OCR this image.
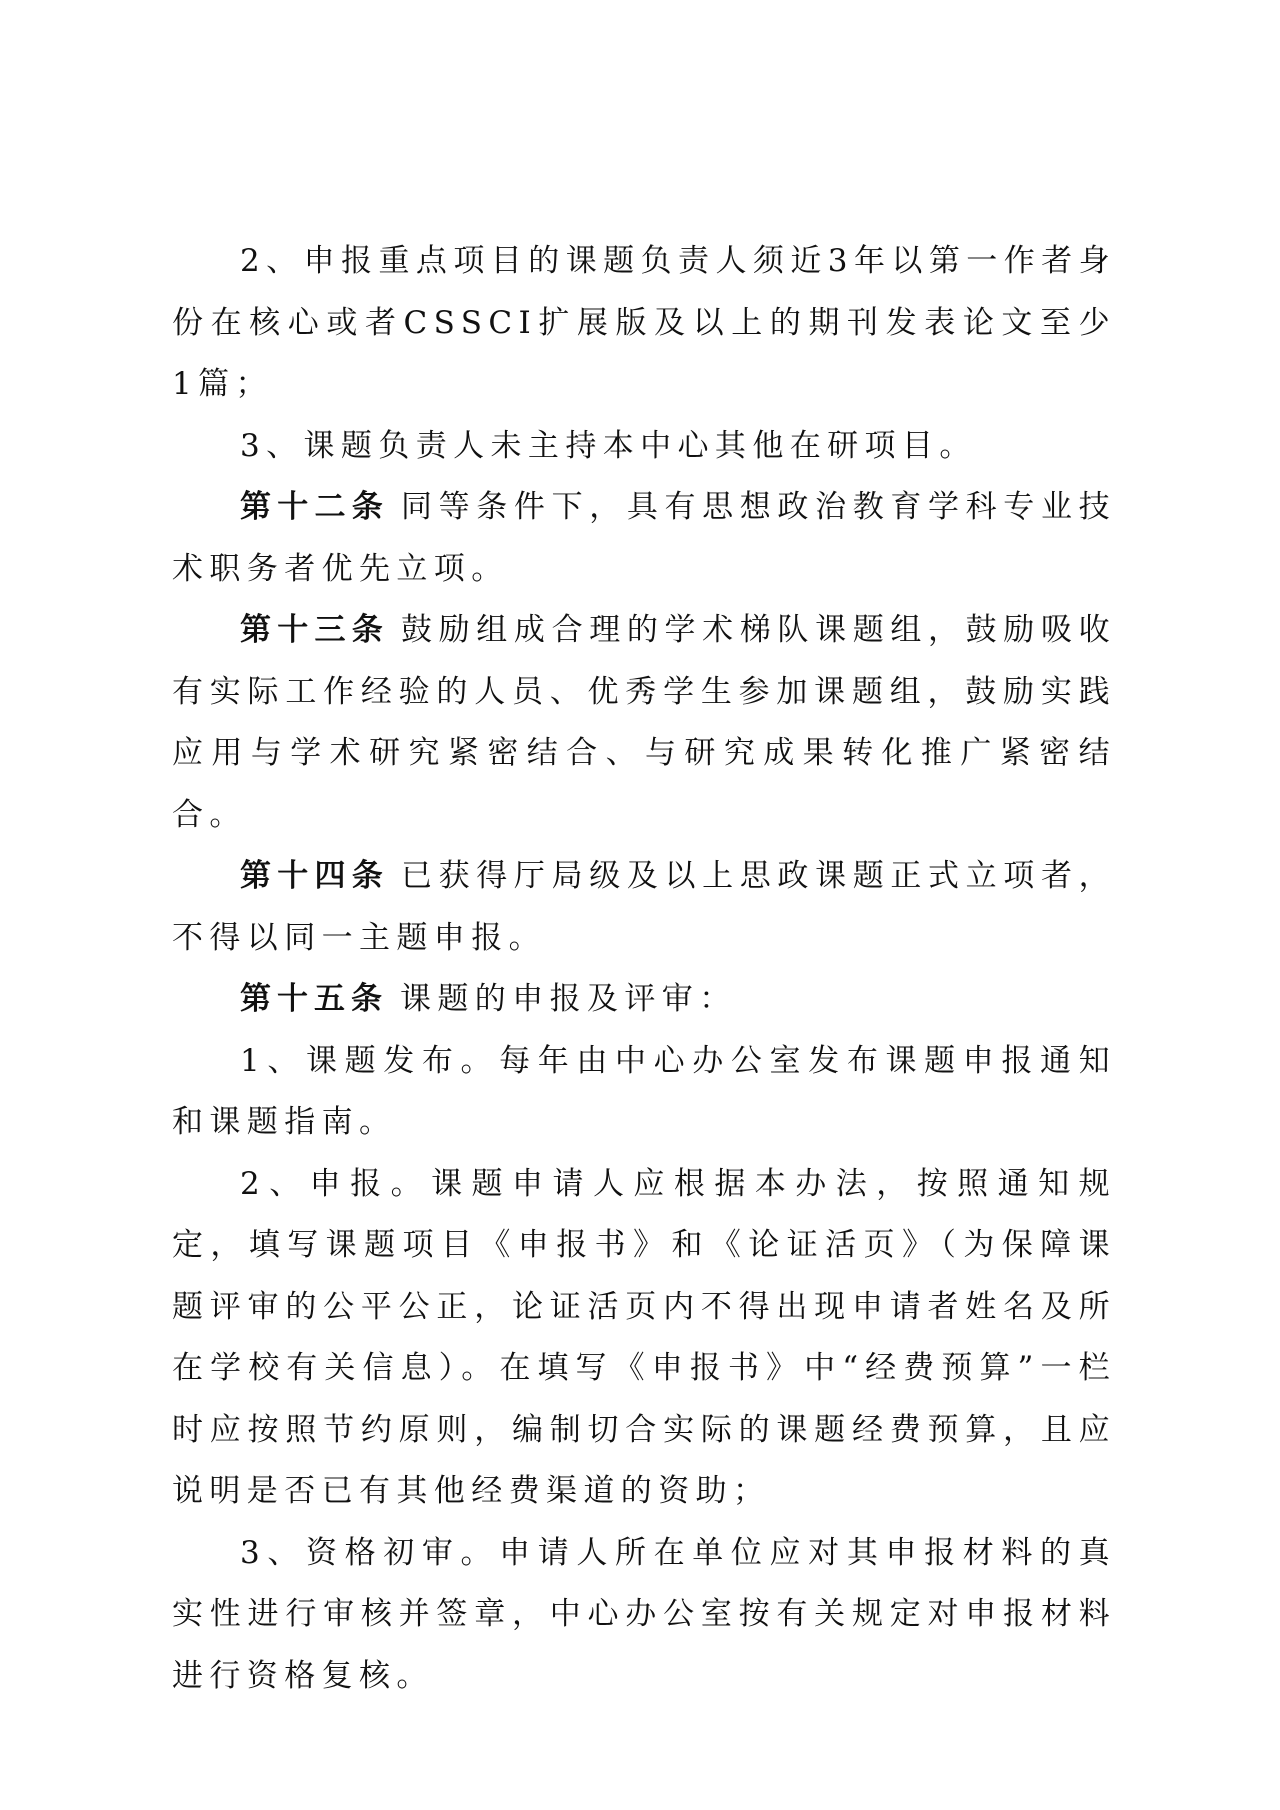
2、申报重点项目的课题负责人须近3年以第一作者身份在核心或者CSSCI扩展版及以上的期刊发表论文至少1篇；

3、课题负责人未主持本中心其他在研项目。

第十二条 同等条件下，具有思想政治教育学科专业技术职务者优先立项。

第十三条 鼓励组成合理的学术梯队课题组，鼓励吸收有实际工作经验的人员、优秀学生参加课题组，鼓励实践应用与学术研究紧密结合、与研究成果转化推广紧密结合。

第十四条 已获得厅局级及以上思政课题正式立项者，不得以同一主题申报。

第十五条 课题的申报及评审：

1、课题发布。每年由中心办公室发布课题申报通知和课题指南。

2、申报。课题申请人应根据本办法，按照通知规定，填写课题项目《申报书》和《论证活页》（为保障课题评审的公平公正，论证活页内不得出现申请者姓名及所在学校有关信息）。在填写《申报书》中“经费预算”一栏时应按照节约原则，编制切合实际的课题经费预算，且应说明是否已有其他经费渠道的资助；

3、资格初审。申请人所在单位应对其申报材料的真实性进行审核并签章，中心办公室按有关规定对申报材料进行资格复核。
